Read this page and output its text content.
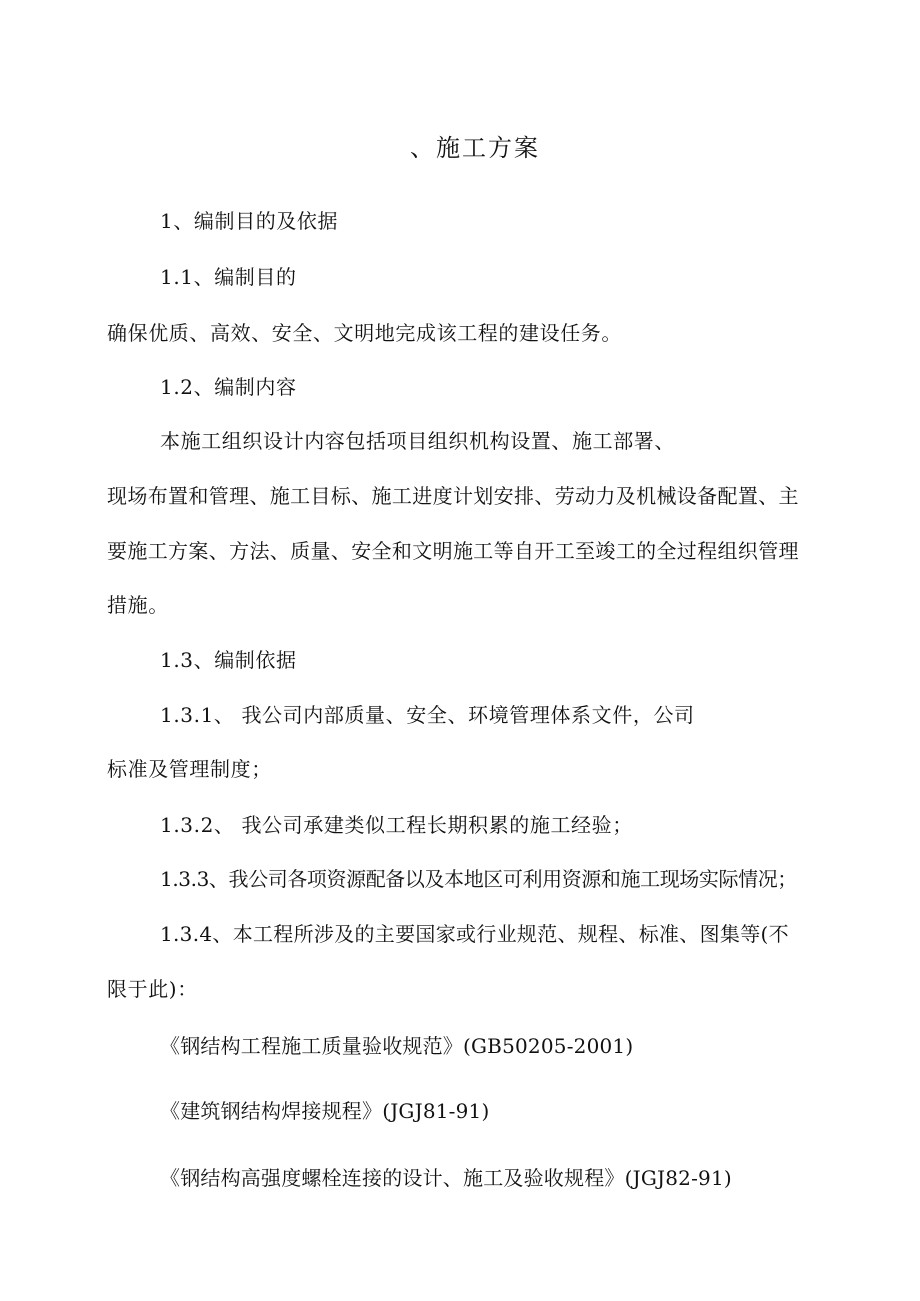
、施工方案
1、编制目的及依据
1.1、编制目的
确保优质、高效、安全、文明地完成该工程的建设任务。
1.2、编制内容
本施工组织设计内容包括项目组织机构设置、施工部署、
现场布置和管理、施工目标、施工进度计划安排、劳动力及机械设备配置、主
要施工方案、方法、质量、安全和文明施工等自开工至竣工的全过程组织管理
措施。
1.3、编制依据
1.3.1、 我公司内部质量、安全、环境管理体系文件，公司
标准及管理制度；
1.3.2、 我公司承建类似工程长期积累的施工经验；
1.3.3、我公司各项资源配备以及本地区可利用资源和施工现场实际情况；
1.3.4、本工程所涉及的主要国家或行业规范、规程、标准、图集等(不
限于此)：
《钢结构工程施工质量验收规范》(GB50205-2001)
《建筑钢结构焊接规程》(JGJ81-91)
《钢结构高强度螺栓连接的设计、施工及验收规程》(JGJ82-91)
